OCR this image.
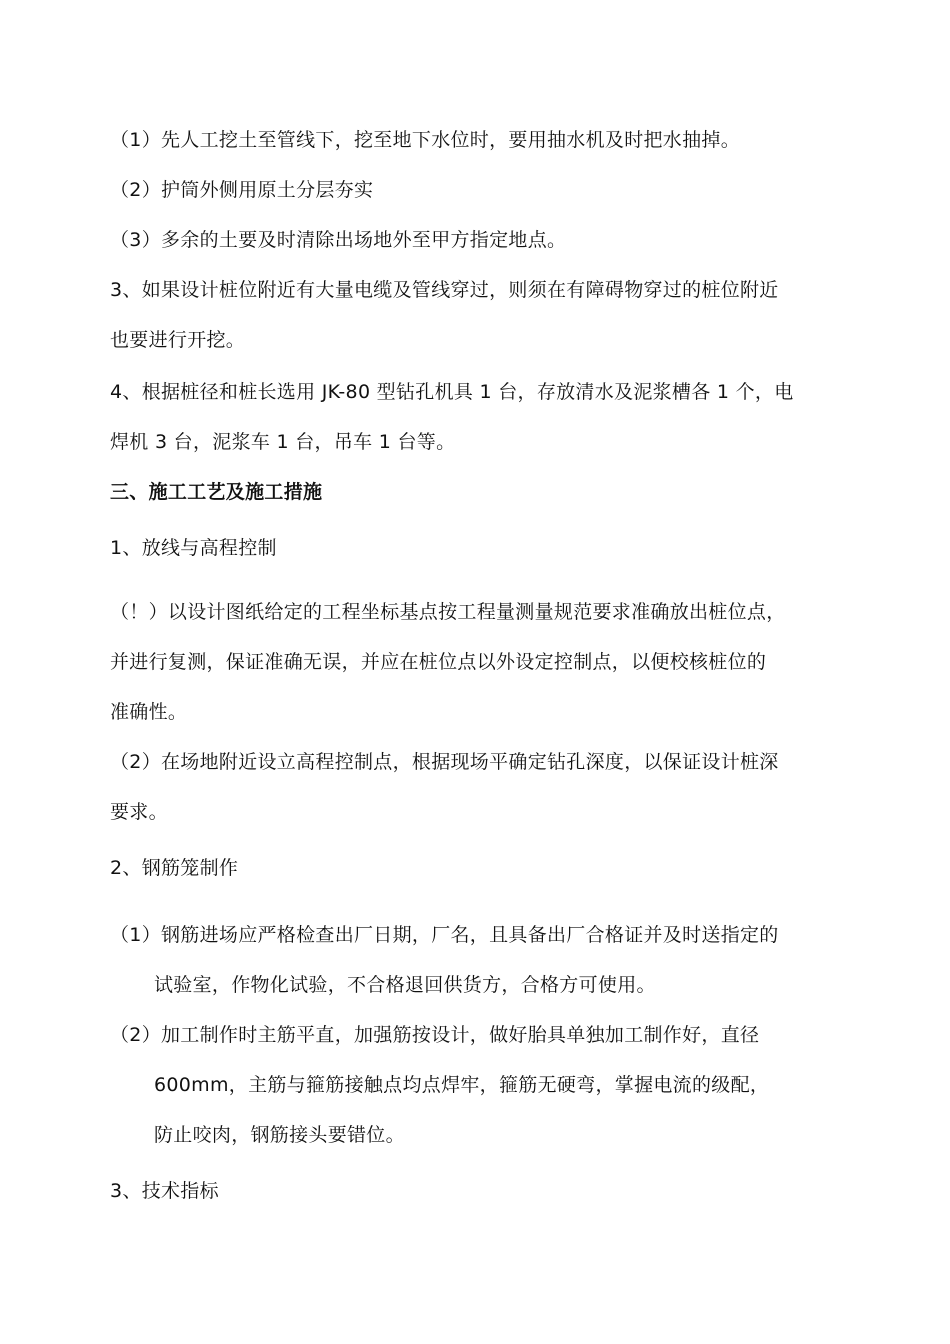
（1）先人工挖土至管线下，挖至地下水位时，要用抽水机及时把水抽掉。
（2）护筒外侧用原土分层夯实
（3）多余的土要及时清除出场地外至甲方指定地点。
3、如果设计桩位附近有大量电缆及管线穿过，则须在有障碍物穿过的桩位附近
也要进行开挖。
4、根据桩径和桩长选用 JK-80 型钻孔机具 1 台，存放清水及泥浆槽各 1 个，电
焊机 3 台，泥浆车 1 台，吊车 1 台等。
三、施工工艺及施工措施
1、放线与高程控制
（！）以设计图纸给定的工程坐标基点按工程量测量规范要求准确放出桩位点，
并进行复测，保证准确无误，并应在桩位点以外设定控制点，以便校核桩位的
准确性。
（2）在场地附近设立高程控制点，根据现场平确定钻孔深度，以保证设计桩深
要求。
2、钢筋笼制作
（1）钢筋进场应严格检查出厂日期，厂名，且具备出厂合格证并及时送指定的
试验室，作物化试验，不合格退回供货方，合格方可使用。
（2）加工制作时主筋平直，加强筋按设计，做好胎具单独加工制作好，直径
600mm，主筋与箍筋接触点均点焊牢，箍筋无硬弯，掌握电流的级配，
防止咬肉，钢筋接头要错位。
3、技术指标
